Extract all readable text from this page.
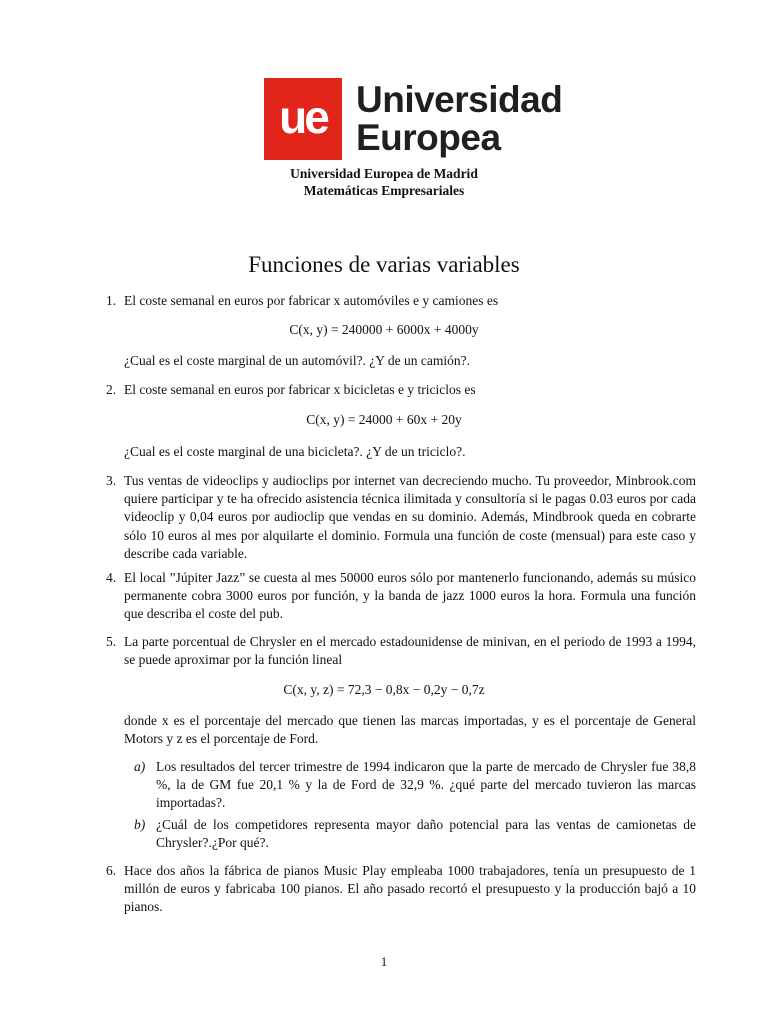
ue Universidad
Europea
Universidad Europea de Madrid
Matemáticas Empresariales
Funciones de varias variables
1. El coste semanal en euros por fabricar x automóviles e y camiones es
C(x, y) = 240000 + 6000x + 4000y
¿Cual es el coste marginal de un automóvil?. ¿Y de un camión?.
2. El coste semanal en euros por fabricar x bicicletas e y triciclos es
C(x, y) = 24000 + 60x + 20y
¿Cual es el coste marginal de una bicicleta?. ¿Y de un triciclo?.
3. Tus ventas de videoclips y audioclips por internet van decreciendo mucho. Tu proveedor, Minbrook.com quiere participar y te ha ofrecido asistencia técnica ilimitada y consultoría si le pagas 0.03 euros por cada videoclip y 0,04 euros por audioclip que vendas en su dominio. Además, Mindbrook queda en cobrarte sólo 10 euros al mes por alquilarte el dominio. Formula una función de coste (mensual) para este caso y describe cada variable.
4. El local ”Júpiter Jazz” se cuesta al mes 50000 euros sólo por mantenerlo funcionando, además su músico permanente cobra 3000 euros por función, y la banda de jazz 1000 euros la hora. Formula una función que describa el coste del pub.
5. La parte porcentual de Chrysler en el mercado estadounidense de minivan, en el periodo de 1993 a 1994, se puede aproximar por la función lineal
C(x, y, z) = 72,3 − 0,8x − 0,2y − 0,7z
donde x es el porcentaje del mercado que tienen las marcas importadas, y es el porcentaje de General Motors y z es el porcentaje de Ford.
a) Los resultados del tercer trimestre de 1994 indicaron que la parte de mercado de Chrysler fue 38,8 %, la de GM fue 20,1 % y la de Ford de 32,9 %. ¿qué parte del mercado tuvieron las marcas importadas?.
b) ¿Cuál de los competidores representa mayor daño potencial para las ventas de camionetas de Chrysler?.¿Por qué?.
6. Hace dos años la fábrica de pianos Music Play empleaba 1000 trabajadores, tenía un presupuesto de 1 millón de euros y fabricaba 100 pianos. El año pasado recortó el presupuesto y la producción bajó a 10 pianos.
1
